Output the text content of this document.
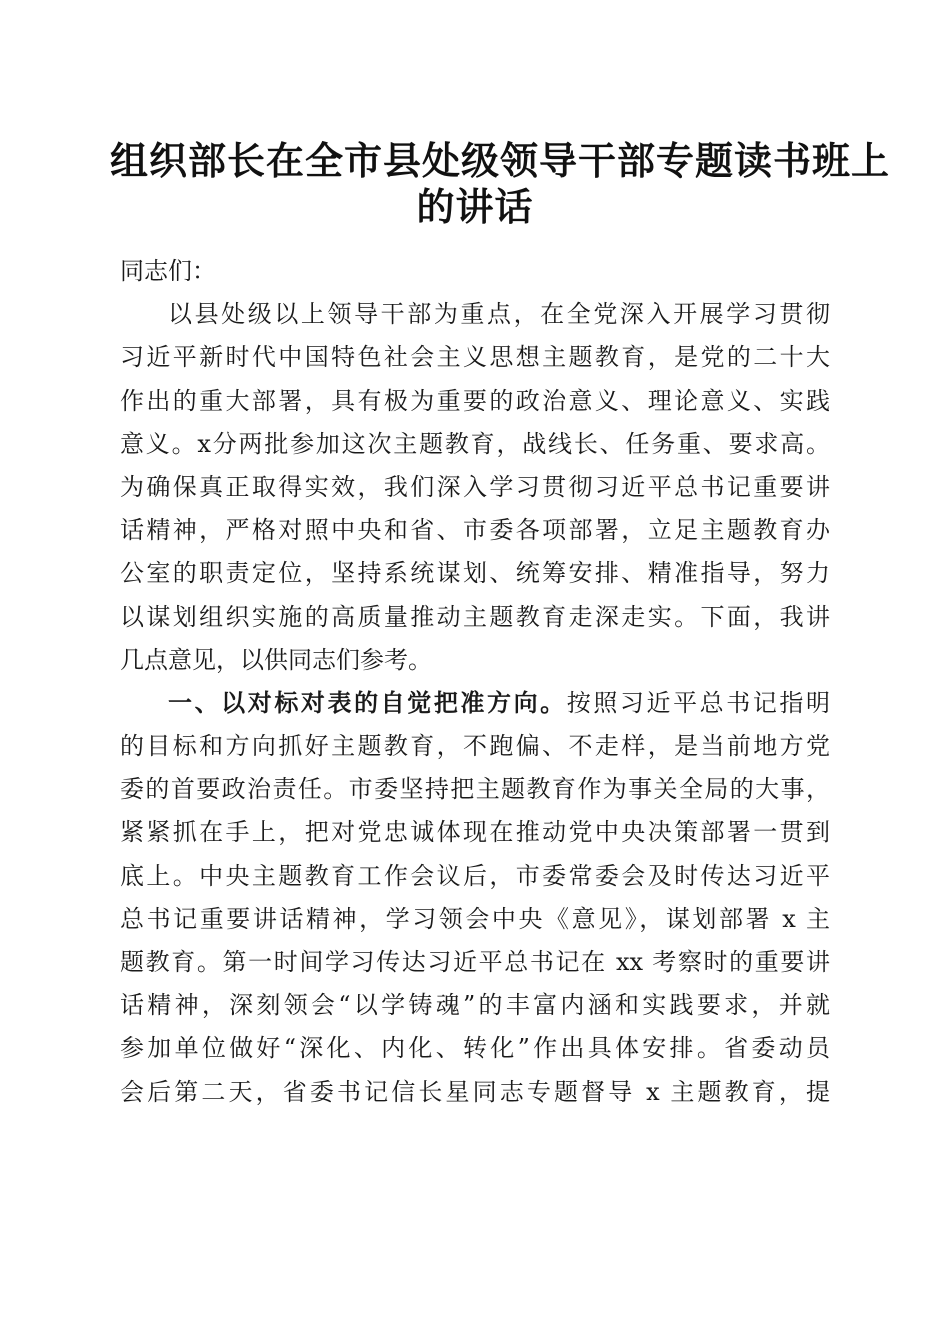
组织部长在全市县处级领导干部专题读书班上
的讲话
同志们：
以县处级以上领导干部为重点，在全党深入开展学习贯彻
习近平新时代中国特色社会主义思想主题教育，是党的二十大
作出的重大部署，具有极为重要的政治意义、理论意义、实践
意义。x分两批参加这次主题教育，战线长、任务重、要求高。
为确保真正取得实效，我们深入学习贯彻习近平总书记重要讲
话精神，严格对照中央和省、市委各项部署，立足主题教育办
公室的职责定位，坚持系统谋划、统筹安排、精准指导，努力
以谋划组织实施的高质量推动主题教育走深走实。下面，我讲
几点意见，以供同志们参考。
一、以对标对表的自觉把准方向。按照习近平总书记指明
的目标和方向抓好主题教育，不跑偏、不走样，是当前地方党
委的首要政治责任。市委坚持把主题教育作为事关全局的大事，
紧紧抓在手上，把对党忠诚体现在推动党中央决策部署一贯到
底上。中央主题教育工作会议后，市委常委会及时传达习近平
总书记重要讲话精神，学习领会中央《意见》，谋划部署 x 主
题教育。第一时间学习传达习近平总书记在 xx 考察时的重要讲
话精神，深刻领会“以学铸魂”的丰富内涵和实践要求，并就
参加单位做好“深化、内化、转化”作出具体安排。省委动员
会后第二天，省委书记信长星同志专题督导 x 主题教育，提
